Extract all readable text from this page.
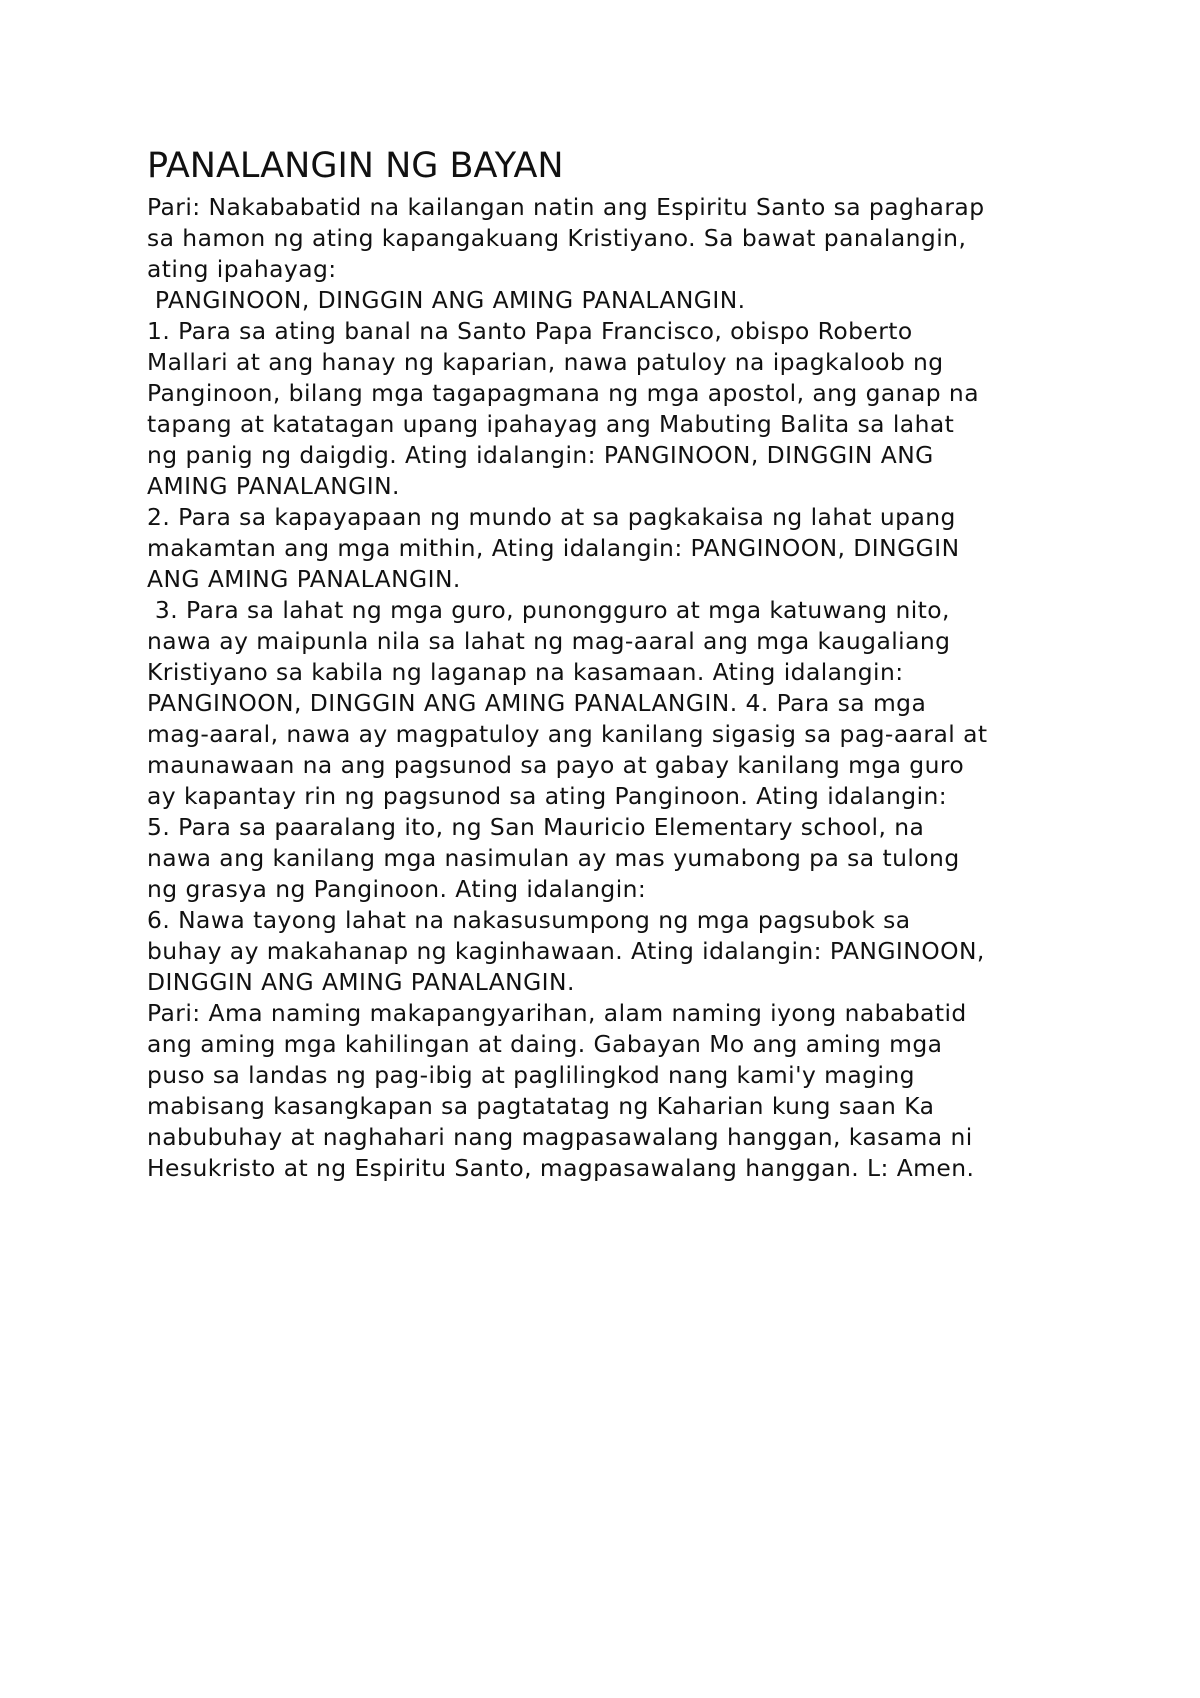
PANALANGIN NG BAYAN
Pari: Nakababatid na kailangan natin ang Espiritu Santo sa pagharap
sa hamon ng ating kapangakuang Kristiyano. Sa bawat panalangin,
ating ipahayag:
PANGINOON, DINGGIN ANG AMING PANALANGIN.
1. Para sa ating banal na Santo Papa Francisco, obispo Roberto
Mallari at ang hanay ng kaparian, nawa patuloy na ipagkaloob ng
Panginoon, bilang mga tagapagmana ng mga apostol, ang ganap na
tapang at katatagan upang ipahayag ang Mabuting Balita sa lahat
ng panig ng daigdig. Ating idalangin: PANGINOON, DINGGIN ANG
AMING PANALANGIN.
2. Para sa kapayapaan ng mundo at sa pagkakaisa ng lahat upang
makamtan ang mga mithin, Ating idalangin: PANGINOON, DINGGIN
ANG AMING PANALANGIN.
3. Para sa lahat ng mga guro, punongguro at mga katuwang nito,
nawa ay maipunla nila sa lahat ng mag-aaral ang mga kaugaliang
Kristiyano sa kabila ng laganap na kasamaan. Ating idalangin:
PANGINOON, DINGGIN ANG AMING PANALANGIN. 4. Para sa mga
mag-aaral, nawa ay magpatuloy ang kanilang sigasig sa pag-aaral at
maunawaan na ang pagsunod sa payo at gabay kanilang mga guro
ay kapantay rin ng pagsunod sa ating Panginoon. Ating idalangin:
5. Para sa paaralang ito, ng San Mauricio Elementary school, na
nawa ang kanilang mga nasimulan ay mas yumabong pa sa tulong
ng grasya ng Panginoon. Ating idalangin:
6. Nawa tayong lahat na nakasusumpong ng mga pagsubok sa
buhay ay makahanap ng kaginhawaan. Ating idalangin: PANGINOON,
DINGGIN ANG AMING PANALANGIN.
Pari: Ama naming makapangyarihan, alam naming iyong nababatid
ang aming mga kahilingan at daing. Gabayan Mo ang aming mga
puso sa landas ng pag-ibig at paglilingkod nang kami'y maging
mabisang kasangkapan sa pagtatatag ng Kaharian kung saan Ka
nabubuhay at naghahari nang magpasawalang hanggan, kasama ni
Hesukristo at ng Espiritu Santo, magpasawalang hanggan. L: Amen.
